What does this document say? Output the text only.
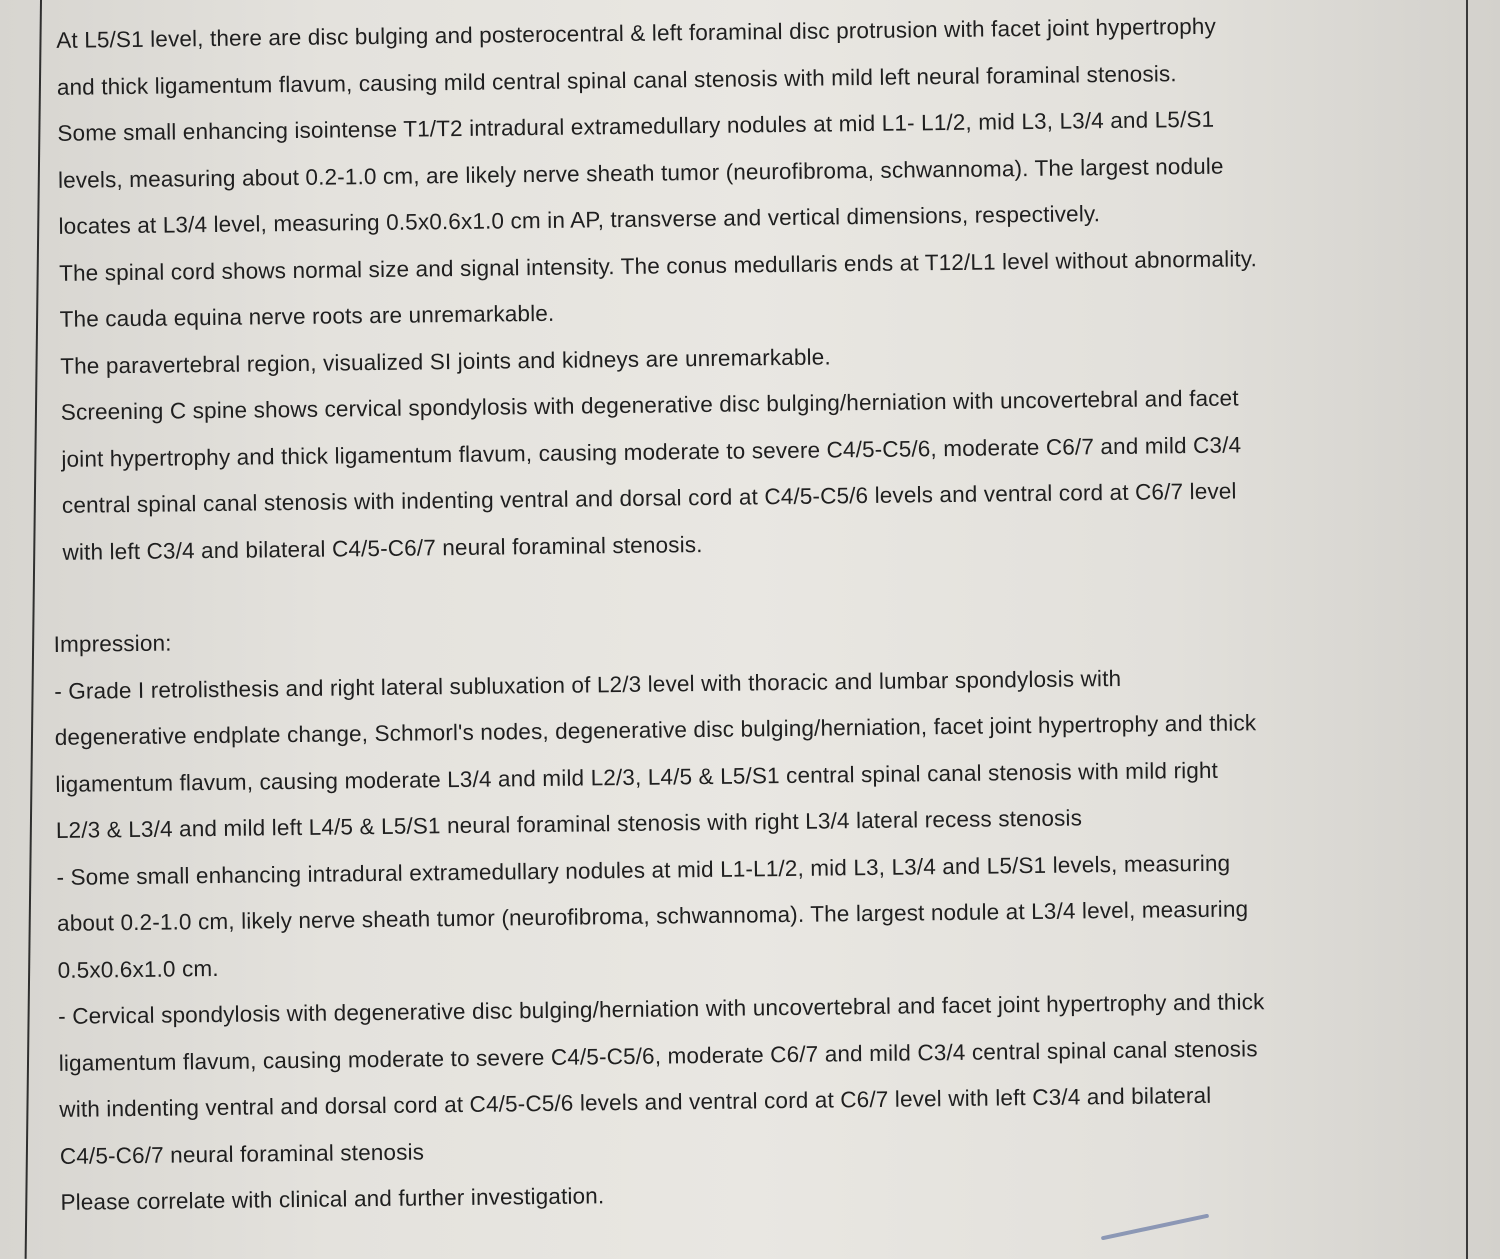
At L5/S1 level, there are disc bulging and posterocentral & left foraminal disc protrusion with facet joint hypertrophy
and thick ligamentum flavum, causing mild central spinal canal stenosis with mild left neural foraminal stenosis.
Some small enhancing isointense T1/T2 intradural extramedullary nodules at mid L1- L1/2, mid L3, L3/4 and L5/S1
levels, measuring about 0.2-1.0 cm, are likely nerve sheath tumor (neurofibroma, schwannoma). The largest nodule
locates at L3/4 level, measuring 0.5x0.6x1.0 cm in AP, transverse and vertical dimensions, respectively.
The spinal cord shows normal size and signal intensity. The conus medullaris ends at T12/L1 level without abnormality.
The cauda equina nerve roots are unremarkable.
The paravertebral region, visualized SI joints and kidneys are unremarkable.
Screening C spine shows cervical spondylosis with degenerative disc bulging/herniation with uncovertebral and facet
joint hypertrophy and thick ligamentum flavum, causing moderate to severe C4/5-C5/6, moderate C6/7 and mild C3/4
central spinal canal stenosis with indenting ventral and dorsal cord at C4/5-C5/6 levels and ventral cord at C6/7 level
with left C3/4 and bilateral C4/5-C6/7 neural foraminal stenosis.
Impression:
- Grade I retrolisthesis and right lateral subluxation of L2/3 level with thoracic and lumbar spondylosis with
degenerative endplate change, Schmorl's nodes, degenerative disc bulging/herniation, facet joint hypertrophy and thick
ligamentum flavum, causing moderate L3/4 and mild L2/3, L4/5 & L5/S1 central spinal canal stenosis with mild right
L2/3 & L3/4 and mild left L4/5 & L5/S1 neural foraminal stenosis with right L3/4 lateral recess stenosis
- Some small enhancing intradural extramedullary nodules at mid L1-L1/2, mid L3, L3/4 and L5/S1 levels, measuring
about 0.2-1.0 cm, likely nerve sheath tumor (neurofibroma, schwannoma). The largest nodule at L3/4 level, measuring
0.5x0.6x1.0 cm.
- Cervical spondylosis with degenerative disc bulging/herniation with uncovertebral and facet joint hypertrophy and thick
ligamentum flavum, causing moderate to severe C4/5-C5/6, moderate C6/7 and mild C3/4 central spinal canal stenosis
with indenting ventral and dorsal cord at C4/5-C5/6 levels and ventral cord at C6/7 level with left C3/4 and bilateral
C4/5-C6/7 neural foraminal stenosis
Please correlate with clinical and further investigation.
